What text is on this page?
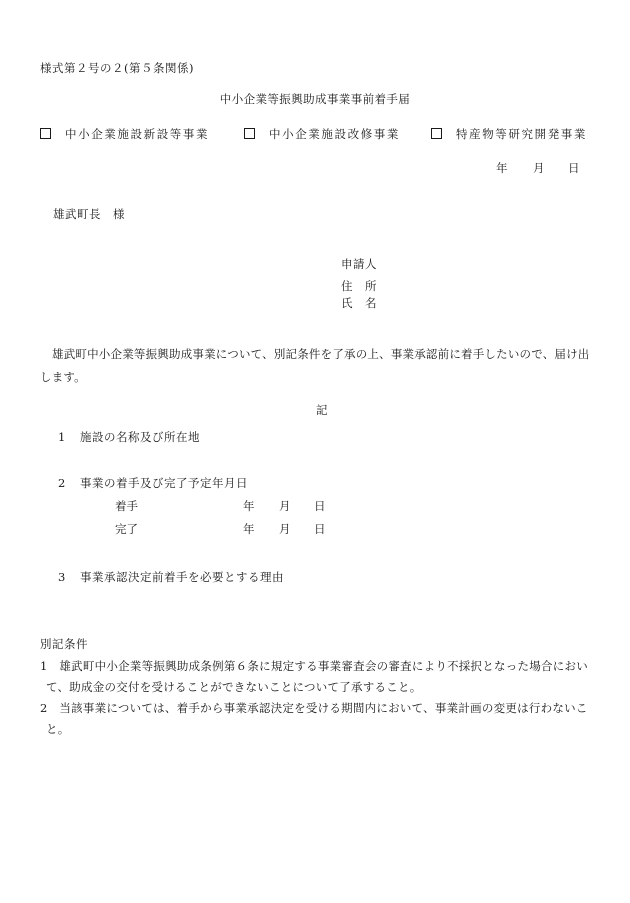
様式第２号の２(第５条関係)
中小企業等振興助成事業事前着手届
中小企業施設新設等事業	中小企業施設改修事業	特産物等研究開発事業
年 月 日
雄武町長　様
申請人
住　所
氏　名
雄武町中小企業等振興助成事業について、別記条件を了承の上、事業承認前に着手したいので、届け出します。
記
1 施設の名称及び所在地
2 事業の着手及び完了予定年月日
着手	年 月 日
完了	年 月 日
3 事業承認決定前着手を必要とする理由
別記条件
1　雄武町中小企業等振興助成条例第６条に規定する事業審査会の審査により不採択となった場合において、助成金の交付を受けることができないことについて了承すること。
2　当該事業については、着手から事業承認決定を受ける期間内において、事業計画の変更は行わないこと。
